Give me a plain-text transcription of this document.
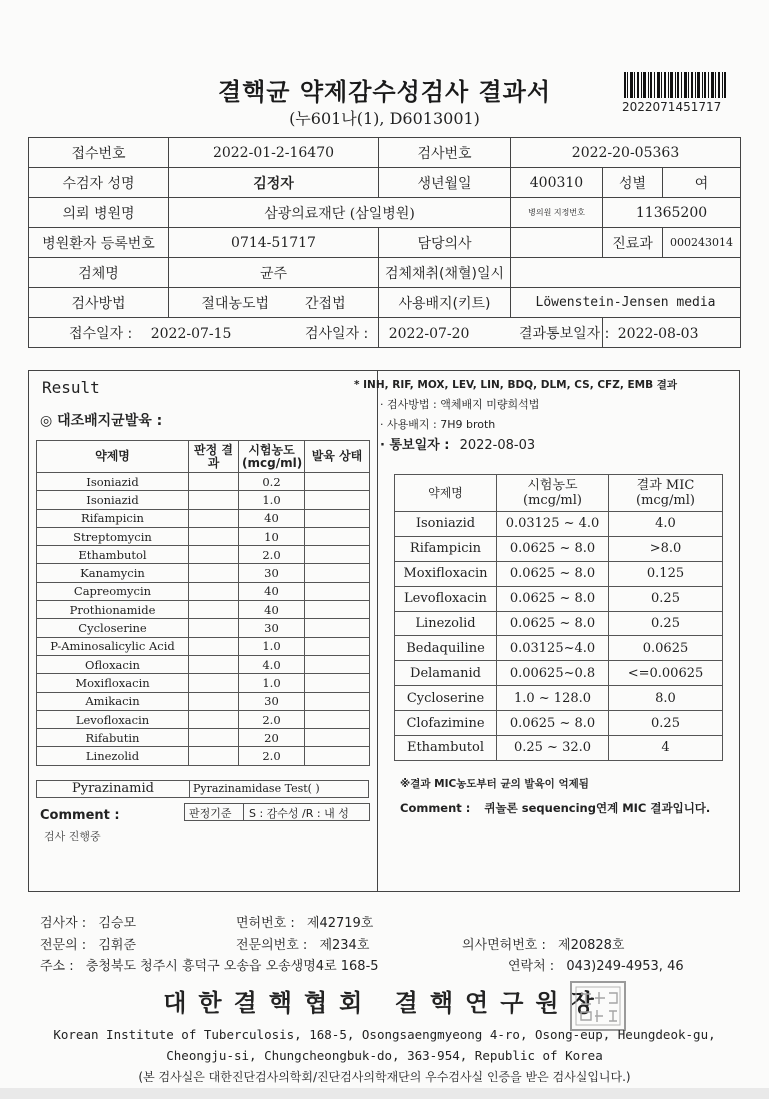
결핵균 약제감수성검사 결과서
(누601나(1), D6013001)
2022071451717
접수번호	2022-01-2-16470	검사번호	2022-20-05363		
수검자 성명	김정자	생년월일	400310	성별	여
의뢰 병원명	삼광의료재단 (삼일병원)		병의원 지정번호	11365200	
병원환자 등록번호	0714-51717	담당의사		진료과	000243014
검체명	균주	검체채취(채혈)일시			
검사방법	절대농도법 간접법	사용배지(키트)	Löwenstein-Jensen media		
접수일자 : 2022-07-15		검사일자 : 2022-07-20		결과통보일자 : 2022-08-03	
Result
◎ 대조배지균발육 :
약제명	판정 결과	시험농도 (mcg/ml)	발육 상태
Isoniazid		0.2	
Isoniazid		1.0	
Rifampicin		40	
Streptomycin		10	
Ethambutol		2.0	
Kanamycin		30	
Capreomycin		40	
Prothionamide		40	
Cycloserine		30	
P-Aminosalicylic Acid		1.0	
Ofloxacin		4.0	
Moxifloxacin		1.0	
Amikacin		30	
Levofloxacin		2.0	
Rifabutin		20	
Linezolid		2.0	
Pyrazinamid	Pyrazinamidase Test( )
판정기준 S : 감수성 /R : 내 성
Comment :
검사 진행중
* INH, RIF, MOX, LEV, LIN, BDQ, DLM, CS, CFZ, EMB 결과
· 검사방법 : 액체배지 미량희석법
· 사용배지 : 7H9 broth
· 통보일자 : 2022-08-03
약제명	시험농도 (mcg/ml)	결과 MIC (mcg/ml)
Isoniazid	0.03125 ~ 4.0	4.0
Rifampicin	0.0625 ~ 8.0	>8.0
Moxifloxacin	0.0625 ~ 8.0	0.125
Levofloxacin	0.0625 ~ 8.0	0.25
Linezolid	0.0625 ~ 8.0	0.25
Bedaquiline	0.03125~4.0	0.0625
Delamanid	0.00625~0.8	<=0.00625
Cycloserine	1.0 ~ 128.0	8.0
Clofazimine	0.0625 ~ 8.0	0.25
Ethambutol	0.25 ~ 32.0	4
※결과 MIC농도부터 균의 발육이 억제됨
Comment : 퀴놀론 sequencing연계 MIC 결과입니다.
검사자 : 김승모	면허번호 : 제42719호
전문의 : 김휘준	전문의번호 : 제234호	의사면허번호 : 제20828호
주소 : 충청북도 청주시 흥덕구 오송읍 오송생명4로 168-5	연락처 : 043)249-4953, 46
대한결핵협회 결핵연구원장
Korean Institute of Tuberculosis, 168-5, Osongsaengmyeong 4-ro, Osong-eup, Heungdeok-gu,
Cheongju-si, Chungcheongbuk-do, 363-954, Republic of Korea
(본 검사실은 대한진단검사의학회/진단검사의학재단의 우수검사실 인증을 받은 검사실입니다.)
